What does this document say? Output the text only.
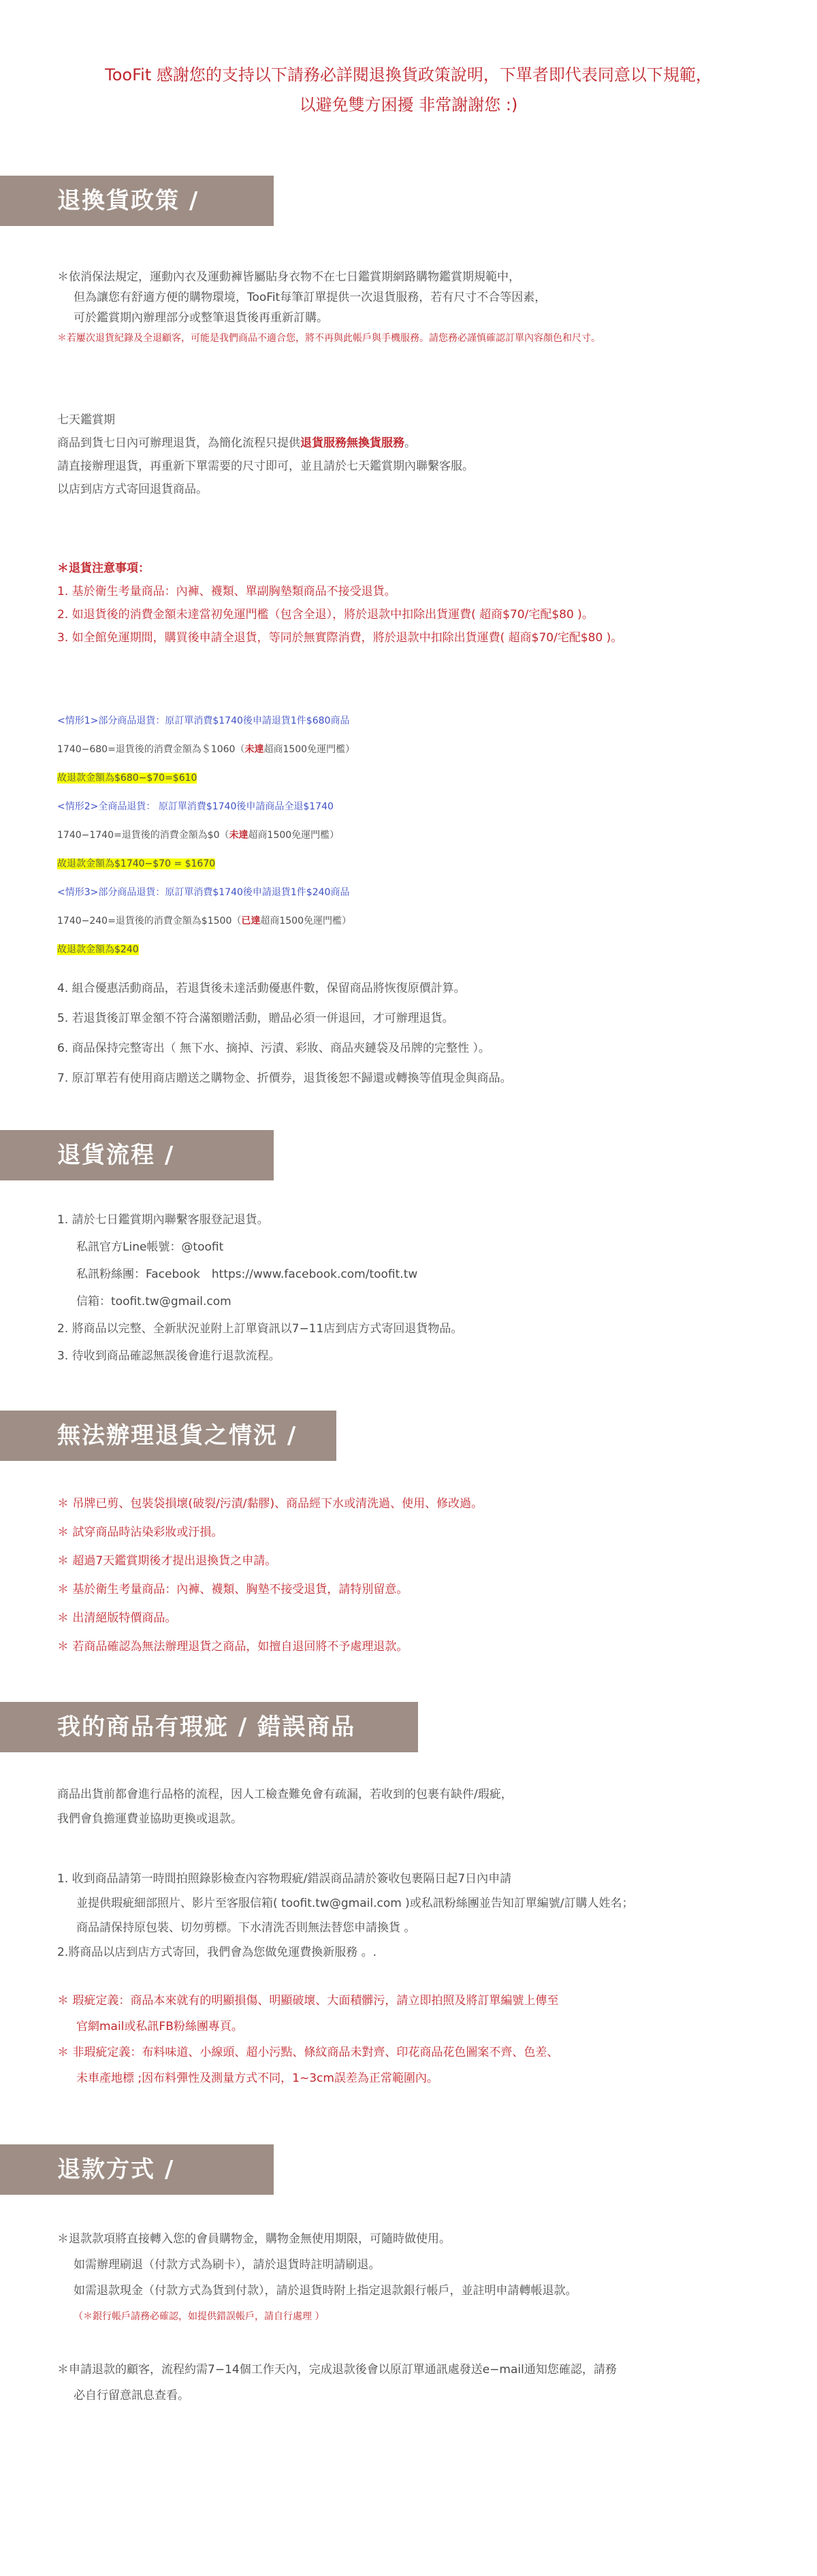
TooFit 感謝您的支持以下請務必詳閱退換貨政策說明，下單者即代表同意以下規範，
以避免雙方困擾 非常謝謝您 :)
退換貨政策 /
＊依消保法規定，運動內衣及運動褲皆屬貼身衣物不在七日鑑賞期網路購物鑑賞期規範中，
但為讓您有舒適方便的購物環境，TooFit每筆訂單提供一次退貨服務，若有尺寸不合等因素，
可於鑑賞期內辦理部分或整筆退貨後再重新訂購。
＊若屢次退貨紀錄及全退顧客，可能是我們商品不適合您，將不再與此帳戶與手機服務。請您務必謹慎確認訂單內容顏色和尺寸。
七天鑑賞期
商品到貨七日內可辦理退貨，為簡化流程只提供退貨服務無換貨服務。
請直接辦理退貨，再重新下單需要的尺寸即可，並且請於七天鑑賞期內聯繫客服。
以店到店方式寄回退貨商品。
＊退貨注意事項：
1. 基於衛生考量商品：內褲、襪類、單副胸墊類商品不接受退貨。
2. 如退貨後的消費金額未達當初免運門檻（包含全退），將於退款中扣除出貨運費( 超商$70/宅配$80 )。
3. 如全館免運期間，購買後申請全退貨，等同於無實際消費，將於退款中扣除出貨運費( 超商$70/宅配$80 )。
<情形1>部分商品退貨：原訂單消費$1740後申請退貨1件$680商品
1740−680=退貨後的消費金額為＄1060（未達超商1500免運門檻）
故退款金額為$680−$70=$610
<情形2>全商品退貨： 原訂單消費$1740後申請商品全退$1740
1740−1740=退貨後的消費金額為$0（未達超商1500免運門檻）
故退款金額為$1740−$70 = $1670
<情形3>部分商品退貨：原訂單消費$1740後申請退貨1件$240商品
1740−240=退貨後的消費金額為$1500（已達超商1500免運門檻）
故退款金額為$240
4. 組合優惠活動商品，若退貨後未達活動優惠件數，保留商品將恢復原價計算。
5. 若退貨後訂單金額不符合滿額贈活動，贈品必須一併退回，才可辦理退貨。
6. 商品保持完整寄出（ 無下水、摘掉、污漬、彩妝、商品夾鏈袋及吊牌的完整性 ）。
7. 原訂單若有使用商店贈送之購物金、折價券，退貨後恕不歸還或轉換等值現金與商品。
退貨流程 /
1. 請於七日鑑賞期內聯繫客服登記退貨。
私訊官方Line帳號：@toofit
私訊粉絲團：Facebook　https://www.facebook.com/toofit.tw
信箱：toofit.tw@gmail.com
2. 將商品以完整、全新狀況並附上訂單資訊以7−11店到店方式寄回退貨物品。
3. 待收到商品確認無誤後會進行退款流程。
無法辦理退貨之情況 /
＊ 吊牌已剪、包裝袋損壞(破裂/污漬/黏膠)、商品經下水或清洗過、使用、修改過。
＊ 試穿商品時沾染彩妝或汙損。
＊ 超過7天鑑賞期後才提出退換貨之申請。
＊ 基於衛生考量商品：內褲、襪類、胸墊不接受退貨，請特別留意。
＊ 出清絕版特價商品。
＊ 若商品確認為無法辦理退貨之商品，如擅自退回將不予處理退款。
我的商品有瑕疵 / 錯誤商品
商品出貨前都會進行品格的流程，因人工檢查難免會有疏漏，若收到的包裹有缺件/瑕疵，
我們會負擔運費並協助更換或退款。
1. 收到商品請第一時間拍照錄影檢查內容物瑕疵/錯誤商品請於簽收包裹隔日起7日內申請
並提供瑕疵細部照片、影片至客服信箱( toofit.tw@gmail.com )或私訊粉絲團並告知訂單編號/訂購人姓名；
商品請保持原包裝、切勿剪標。下水清洗否則無法替您申請換貨 。
2.將商品以店到店方式寄回，我們會為您做免運費換新服務 。.
＊ 瑕疵定義：商品本來就有的明顯損傷、明顯破壞、大面積髒污，請立即拍照及將訂單編號上傳至
官網mail或私訊FB粉絲團專頁。
＊ 非瑕疵定義：布料味道、小線頭、超小污點、條紋商品未對齊、印花商品花色圖案不齊、色差、
未車產地標 ;因布料彈性及測量方式不同，1~3cm誤差為正常範圍內。
退款方式 /
＊退款款項將直接轉入您的會員購物金，購物金無使用期限，可隨時做使用。
如需辦理刷退（付款方式為刷卡），請於退貨時註明請刷退。
如需退款現金（付款方式為貨到付款），請於退貨時附上指定退款銀行帳戶，並註明申請轉帳退款。
（＊銀行帳戶請務必確認，如提供錯誤帳戶，請自行處理 ）
＊申請退款的顧客，流程約需7−14個工作天內，完成退款後會以原訂單通訊處發送e−mail通知您確認，請務
必自行留意訊息查看。
